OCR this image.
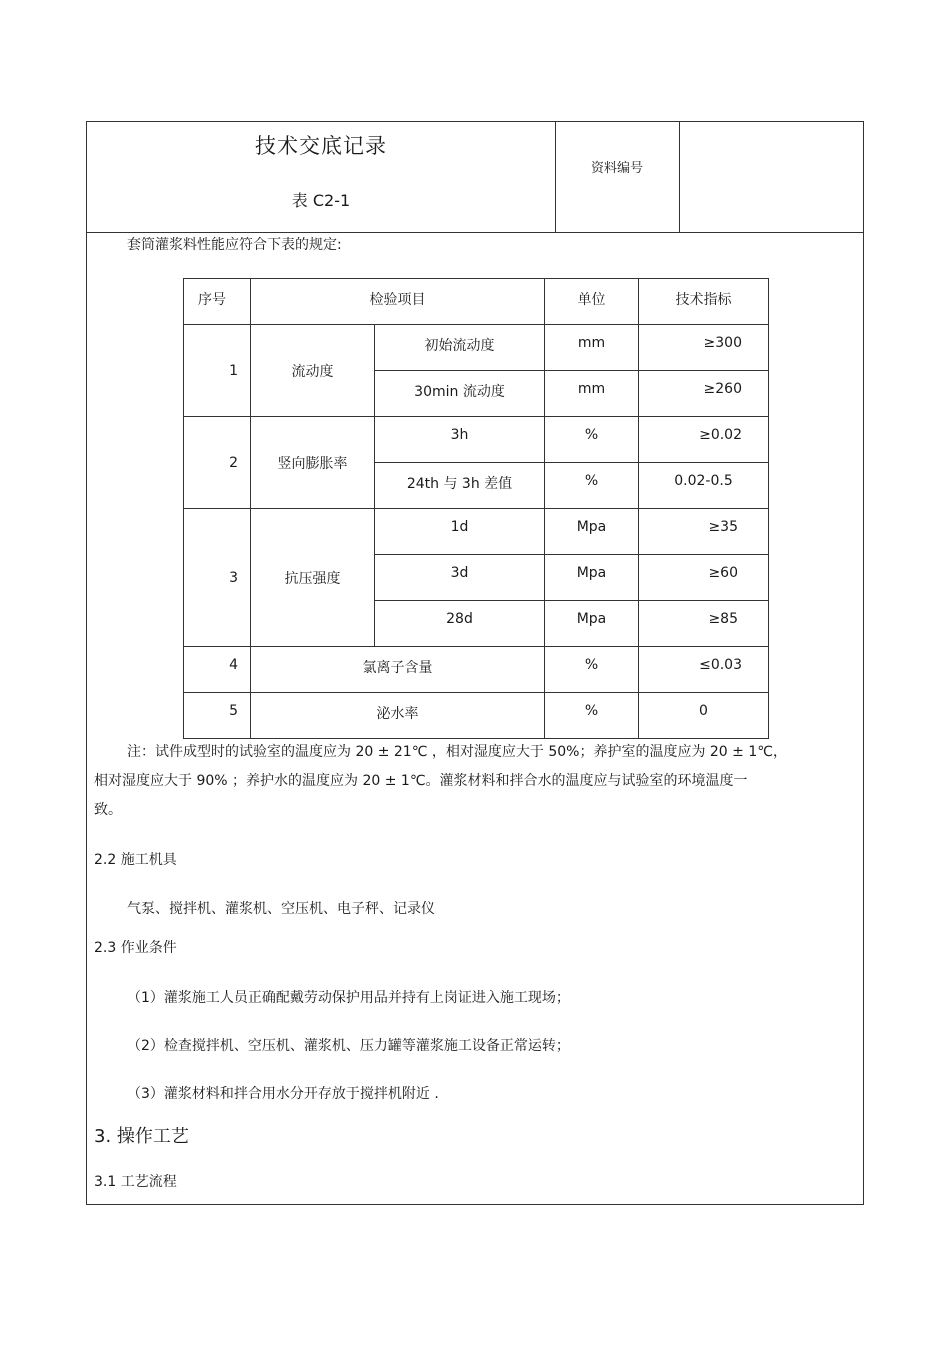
技术交底记录
表 C2-1
资料编号
套筒灌浆料性能应符合下表的规定:
序号	检验项目		单位	技术指标

1	流动度	初始流动度	mm	≥300

		30min 流动度	mm	≥260

2	竖向膨胀率	3h	%	≥0.02

		24th 与 3h 差值	%	0.02-0.5

3	抗压强度	1d	Mpa	≥35

		3d	Mpa	≥60

		28d	Mpa	≥85

4	氯离子含量		%	≤0.03

5	泌水率		%	0
注：试件成型时的试验室的温度应为 20 ± 21℃ ，相对湿度应大于 50%；养护室的温度应为 20 ± 1℃，
相对湿度应大于 90% ；养护水的温度应为 20 ± 1℃。灌浆材料和拌合水的温度应与试验室的环境温度一
致。
2.2 施工机具
气泵、搅拌机、灌浆机、空压机、电子秤、记录仪
2.3 作业条件
（1）灌浆施工人员正确配戴劳动保护用品并持有上岗证进入施工现场；
（2）检查搅拌机、空压机、灌浆机、压力罐等灌浆施工设备正常运转；
（3）灌浆材料和拌合用水分开存放于搅拌机附近 .
3. 操作工艺
3.1 工艺流程
